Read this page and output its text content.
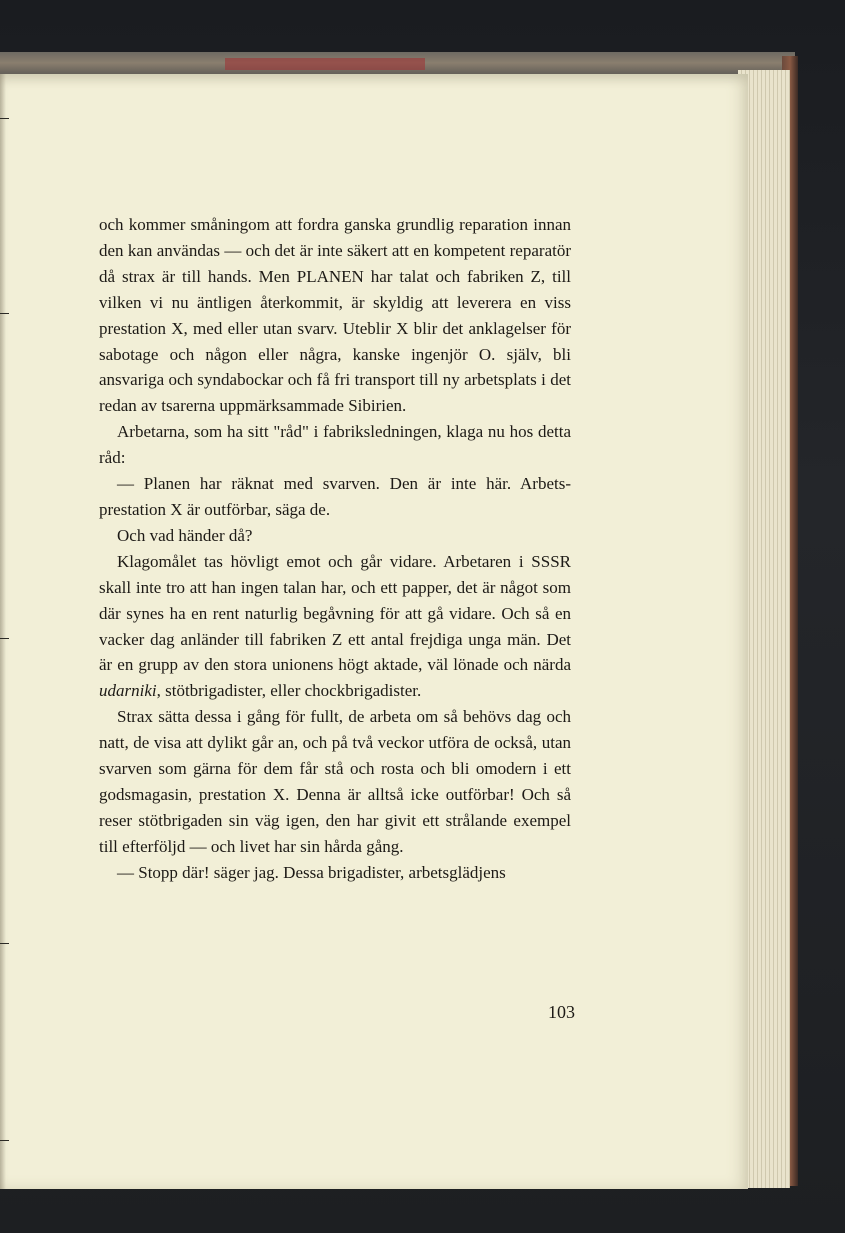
och kommer småningom att fordra ganska grundlig reparation innan den kan användas — och det är inte säkert att en kompetent reparatör då strax är till hands. Men PLANEN har talat och fabriken Z, till vilken vi nu äntligen återkommit, är skyldig att leverera en viss prestation X, med eller utan svarv. Uteblir X blir det anklagelser för sabotage och någon eller några, kanske ingenjör O. själv, bli ansvariga och syndabockar och få fri transport till ny arbetsplats i det redan av tsarerna uppmärksammade Sibirien.

Arbetarna, som ha sitt "råd" i fabriksledningen, klaga nu hos detta råd:

— Planen har räknat med svarven. Den är inte här. Arbetsprestation X är outförbar, säga de.

Och vad händer då?

Klagomålet tas hövligt emot och går vidare. Arbetaren i SSSR skall inte tro att han ingen talan har, och ett papper, det är något som där synes ha en rent naturlig begåvning för att gå vidare. Och så en vacker dag anländer till fabriken Z ett antal frejdiga unga män. Det är en grupp av den stora unionens högt aktade, väl lönade och närda udarniki, stötbrigadister, eller chockbrigadister.

Strax sätta dessa i gång för fullt, de arbeta om så behövs dag och natt, de visa att dylikt går an, och på två veckor utföra de också, utan svarven som gärna för dem får stå och rosta och bli omodern i ett godsmagasin, prestation X. Denna är alltså icke outförbar! Och så reser stötbrigaden sin väg igen, den har givit ett strålande exempel till efterföljd — och livet har sin hårda gång.

— Stopp där! säger jag. Dessa brigadister, arbetsglädjens

103
